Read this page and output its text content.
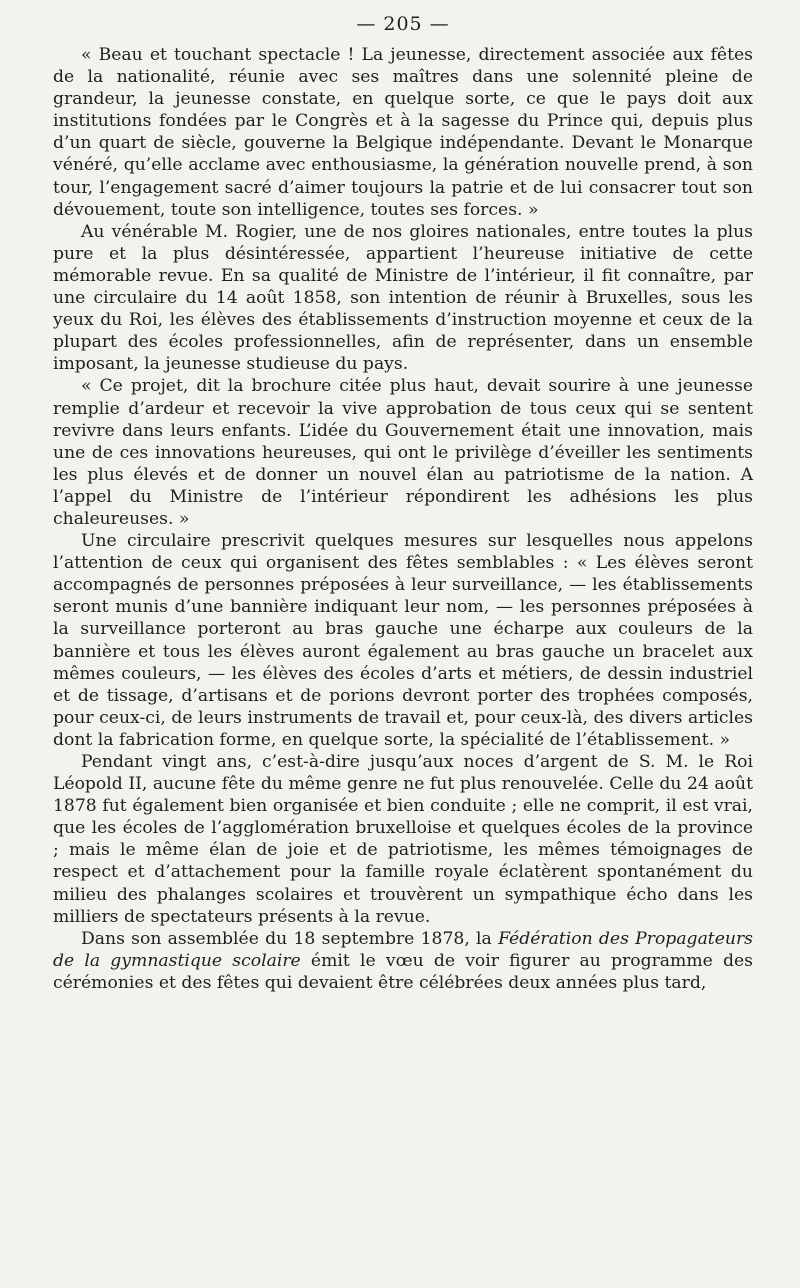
— 205 —

« Beau et touchant spectacle ! La jeunesse, directement associée aux fêtes de la nationalité, réunie avec ses maîtres dans une solennité pleine de grandeur, la jeunesse constate, en quelque sorte, ce que le pays doit aux institutions fondées par le Congrès et à la sagesse du Prince qui, depuis plus d’un quart de siècle, gouverne la Belgique indépendante. Devant le Monarque vénéré, qu’elle acclame avec enthousiasme, la génération nouvelle prend, à son tour, l’engagement sacré d’aimer toujours la patrie et de lui consacrer tout son dévouement, toute son intelligence, toutes ses forces. »

Au vénérable M. Rogier, une de nos gloires nationales, entre toutes la plus pure et la plus désintéressée, appartient l’heureuse initiative de cette mémorable revue. En sa qualité de Ministre de l’intérieur, il fit connaître, par une circulaire du 14 août 1858, son intention de réunir à Bruxelles, sous les yeux du Roi, les élèves des établissements d’instruction moyenne et ceux de la plupart des écoles professionnelles, afin de représenter, dans un ensemble imposant, la jeunesse studieuse du pays.

« Ce projet, dit la brochure citée plus haut, devait sourire à une jeunesse remplie d’ardeur et recevoir la vive approbation de tous ceux qui se sentent revivre dans leurs enfants. L’idée du Gouvernement était une innovation, mais une de ces innovations heureuses, qui ont le privilège d’éveiller les sentiments les plus élevés et de donner un nouvel élan au patriotisme de la nation. A l’appel du Ministre de l’intérieur répondirent les adhésions les plus chaleureuses. »

Une circulaire prescrivit quelques mesures sur lesquelles nous appelons l’attention de ceux qui organisent des fêtes semblables : « Les élèves seront accompagnés de personnes préposées à leur surveillance, — les établissements seront munis d’une bannière indiquant leur nom, — les personnes préposées à la surveillance porteront au bras gauche une écharpe aux couleurs de la bannière et tous les élèves auront également au bras gauche un bracelet aux mêmes couleurs, — les élèves des écoles d’arts et métiers, de dessin industriel et de tissage, d’artisans et de porions devront porter des trophées composés, pour ceux-ci, de leurs instruments de travail et, pour ceux-là, des divers articles dont la fabrication forme, en quelque sorte, la spécialité de l’établissement. »

Pendant vingt ans, c’est-à-dire jusqu’aux noces d’argent de S. M. le Roi Léopold II, aucune fête du même genre ne fut plus renouvelée. Celle du 24 août 1878 fut également bien organisée et bien conduite ; elle ne comprit, il est vrai, que les écoles de l’agglomération bruxelloise et quelques écoles de la province ; mais le même élan de joie et de patriotisme, les mêmes témoignages de respect et d’attachement pour la famille royale éclatèrent spontanément du milieu des phalanges scolaires et trouvèrent un sympathique écho dans les milliers de spectateurs présents à la revue.

Dans son assemblée du 18 septembre 1878, la Fédération des Propagateurs de la gymnastique scolaire émit le vœu de voir figurer au programme des cérémonies et des fêtes qui devaient être célébrées deux années plus tard,
